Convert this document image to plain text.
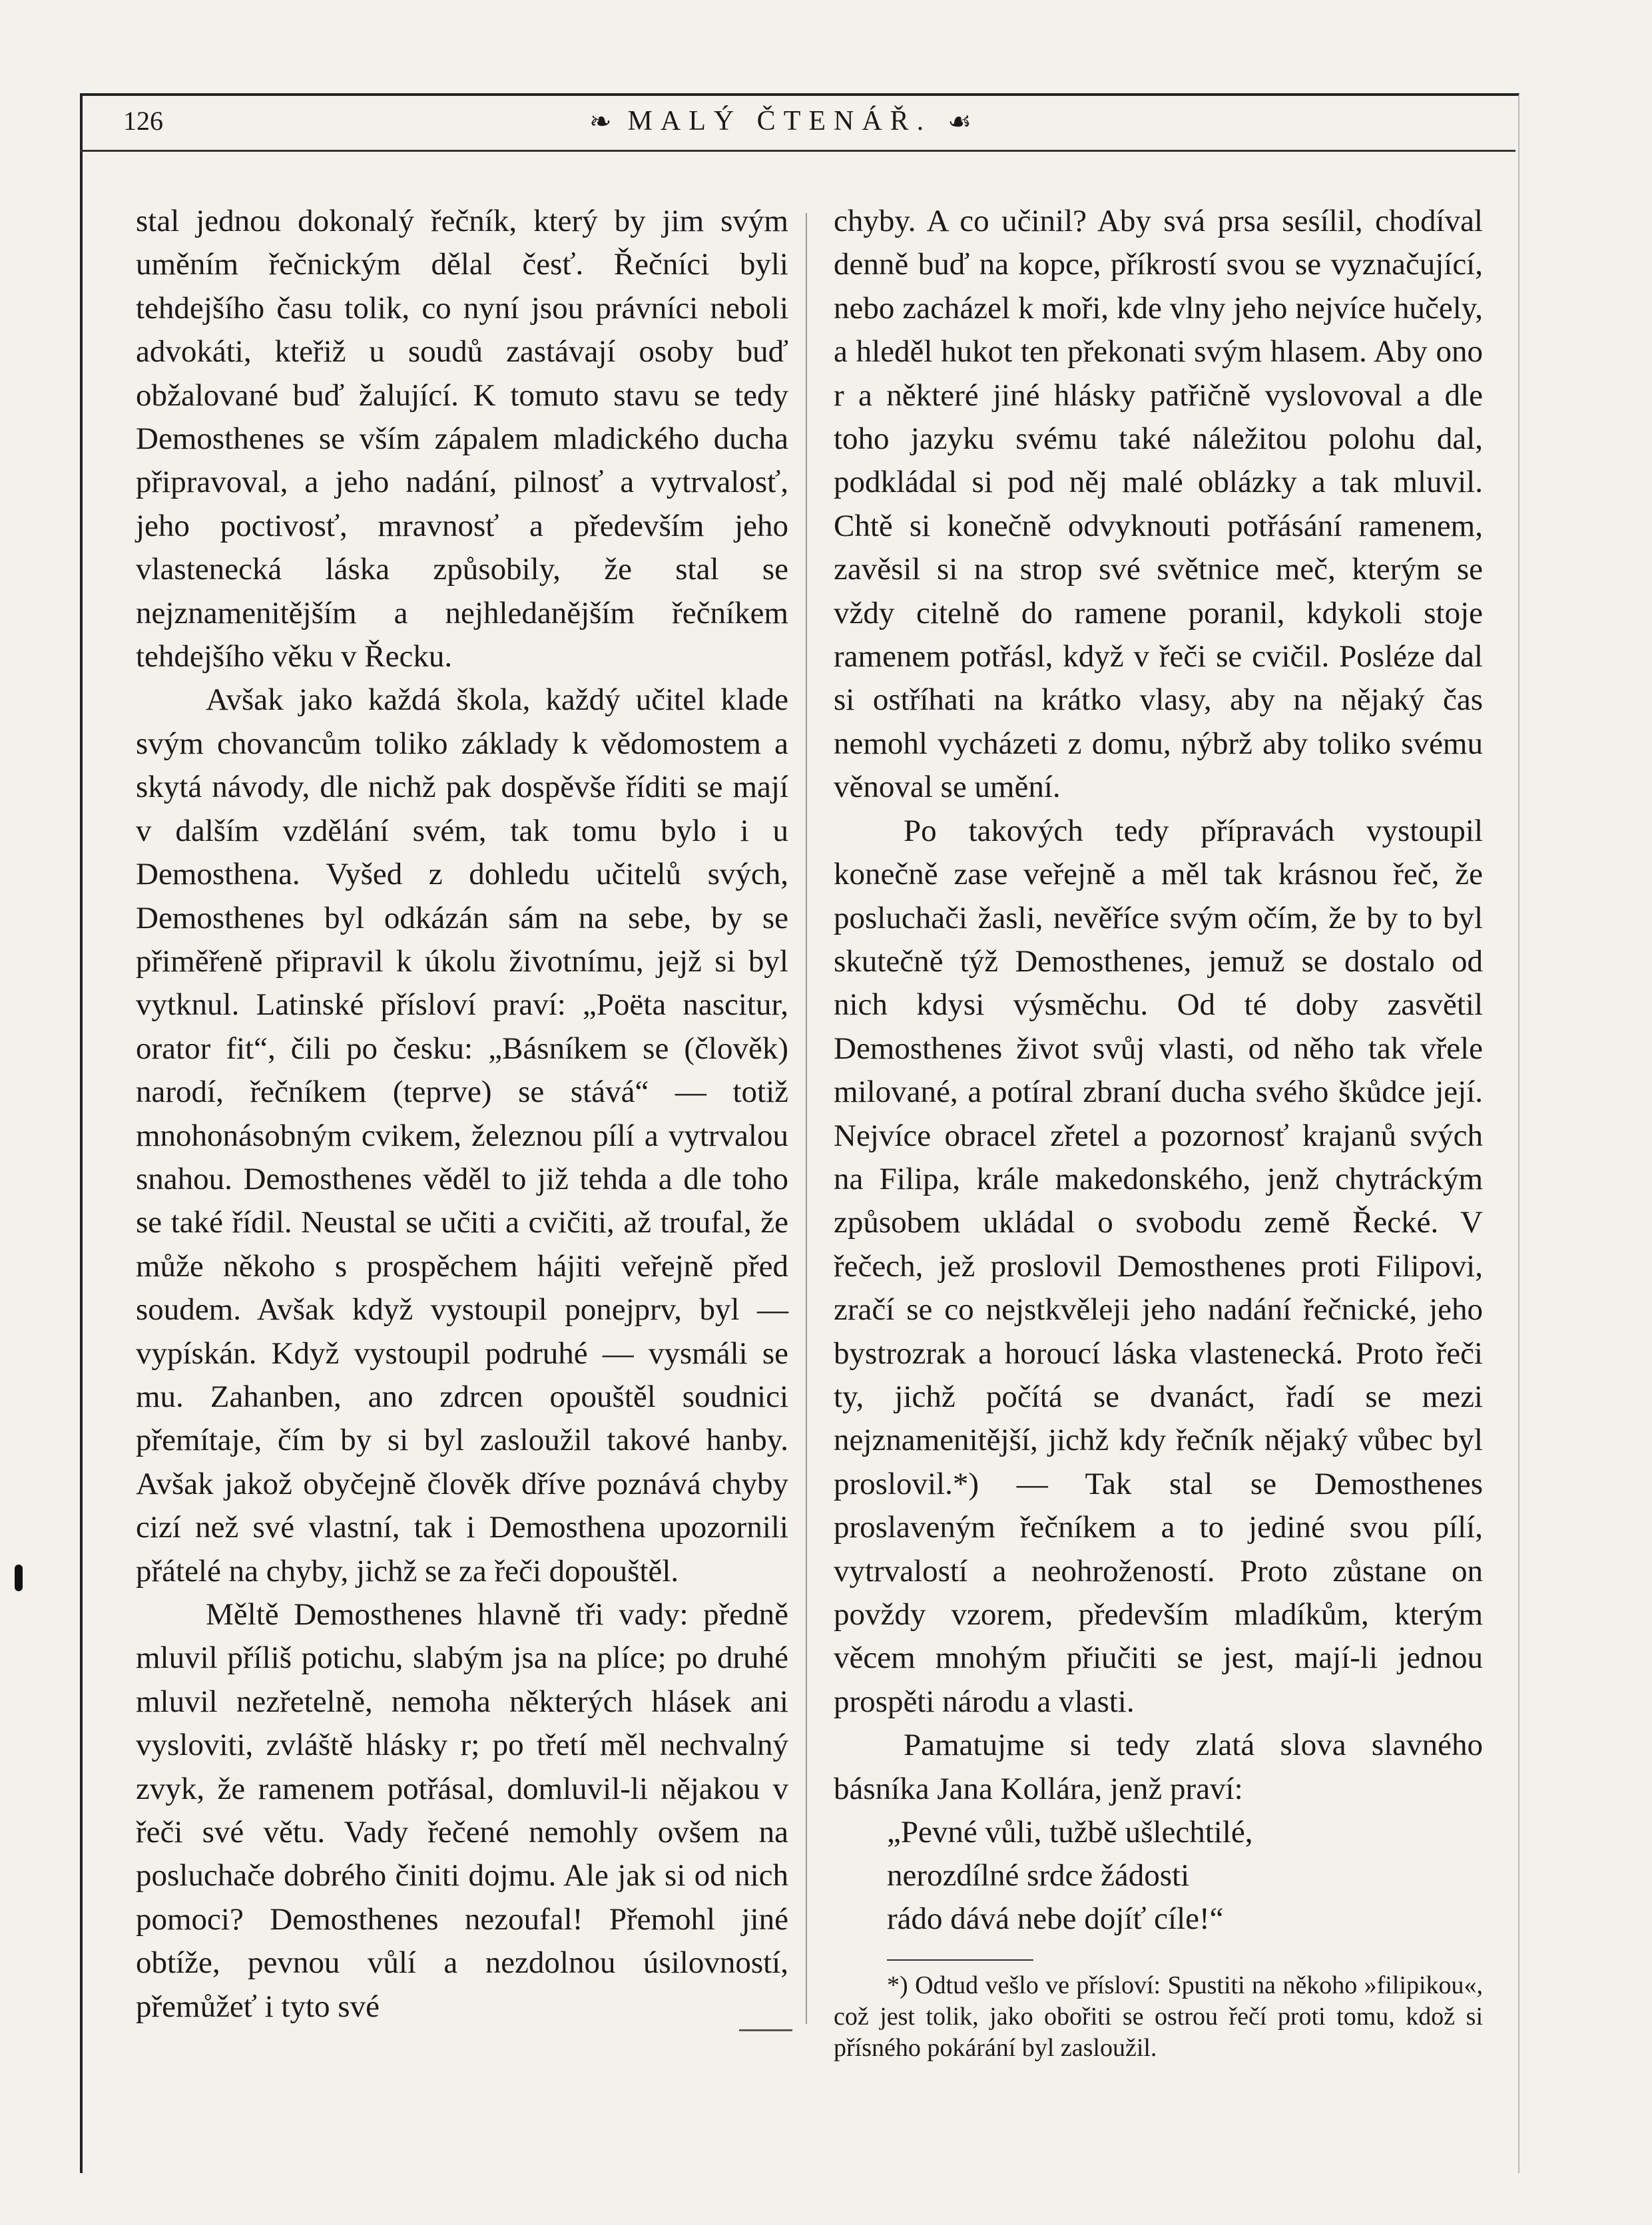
126	❧ MALÝ ČTENÁŘ. ☙

stal jednou dokonalý řečník, který by jim svým uměním řečnickým dělal česť. Řečníci byli tehdejšího času tolik, co nyní jsou právníci neboli advokáti, kteřiž u soudů zastávají osoby buď obžalované buď žalující. K tomuto stavu se tedy Demosthenes se vším zápalem mladického ducha připravoval, a jeho nadání, pilnosť a vytrvalosť, jeho poctivosť, mravnosť a především jeho vlastenecká láska způsobily, že stal se nejznamenitějším a nejhledanějším řečníkem tehdejšího věku v Řecku.

Avšak jako každá škola, každý učitel klade svým chovancům toliko základy k vědomostem a skytá návody, dle nichž pak dospěvše říditi se mají v dalším vzdělání svém, tak tomu bylo i u Demosthena. Vyšed z dohledu učitelů svých, Demosthenes byl odkázán sám na sebe, by se přiměřeně připravil k úkolu životnímu, jejž si byl vytknul. Latinské přísloví praví: „Poëta nascitur, orator fit“, čili po česku: „Básníkem se (člověk) narodí, řečníkem (teprve) se stává“ — totiž mnohonásobným cvikem, železnou pílí a vytrvalou snahou. Demosthenes věděl to již tehda a dle toho se také řídil. Neustal se učiti a cvičiti, až troufal, že může někoho s prospěchem hájiti veřejně před soudem. Avšak když vystoupil ponejprv, byl — vypískán. Když vystoupil podruhé — vysmáli se mu. Zahanben, ano zdrcen opouštěl soudnici přemítaje, čím by si byl zasloužil takové hanby. Avšak jakož obyčejně člověk dříve poznává chyby cizí než své vlastní, tak i Demosthena upozornili přátelé na chyby, jichž se za řeči dopouštěl.

Měltě Demosthenes hlavně tři vady: předně mluvil příliš potichu, slabým jsa na plíce; po druhé mluvil nezřetelně, nemoha některých hlásek ani vysloviti, zvláště hlásky r; po třetí měl nechvalný zvyk, že ramenem potřásal, domluvil-li nějakou v řeči své větu. Vady řečené nemohly ovšem na posluchače dobrého činiti dojmu. Ale jak si od nich pomoci? Demosthenes nezoufal! Přemohl jiné obtíže, pevnou vůlí a nezdolnou úsilovností, přemůžeť i tyto své

chyby. A co učinil? Aby svá prsa sesílil, chodíval denně buď na kopce, příkrostí svou se vyznačující, nebo zacházel k moři, kde vlny jeho nejvíce hučely, a hleděl hukot ten překonati svým hlasem. Aby ono r a některé jiné hlásky patřičně vyslovoval a dle toho jazyku svému také náležitou polohu dal, podkládal si pod něj malé oblázky a tak mluvil. Chtě si konečně odvyknouti potřásání ramenem, zavěsil si na strop své světnice meč, kterým se vždy citelně do ramene poranil, kdykoli stoje ramenem potřásl, když v řeči se cvičil. Posléze dal si ostříhati na krátko vlasy, aby na nějaký čas nemohl vycházeti z domu, nýbrž aby toliko svému věnoval se umění.

Po takových tedy přípravách vystoupil konečně zase veřejně a měl tak krásnou řeč, že posluchači žasli, nevěříce svým očím, že by to byl skutečně týž Demosthenes, jemuž se dostalo od nich kdysi výsměchu. Od té doby zasvětil Demosthenes život svůj vlasti, od něho tak vřele milované, a potíral zbraní ducha svého škůdce její. Nejvíce obracel zřetel a pozornosť krajanů svých na Filipa, krále makedonského, jenž chytráckým způsobem ukládal o svobodu země Řecké. V řečech, jež proslovil Demosthenes proti Filipovi, zračí se co nejstkvěleji jeho nadání řečnické, jeho bystrozrak a horoucí láska vlastenecká. Proto řeči ty, jichž počítá se dvanáct, řadí se mezi nejznamenitější, jichž kdy řečník nějaký vůbec byl proslovil.*) — Tak stal se Demosthenes proslaveným řečníkem a to jediné svou pílí, vytrvalostí a neohrožeností. Proto zůstane on povždy vzorem, především mladíkům, kterým věcem mnohým přiučiti se jest, mají-li jednou prospěti národu a vlasti.

Pamatujme si tedy zlatá slova slavného básníka Jana Kollára, jenž praví:

„Pevné vůli, tužbě ušlechtilé,
nerozdílné srdce žádosti
rádo dává nebe dojíť cíle!“
*) Odtud vešlo ve přísloví: Spustiti na někoho »filipikou«, což jest tolik, jako obořiti se ostrou řečí proti tomu, kdož si přísného pokárání byl zasloužil.
